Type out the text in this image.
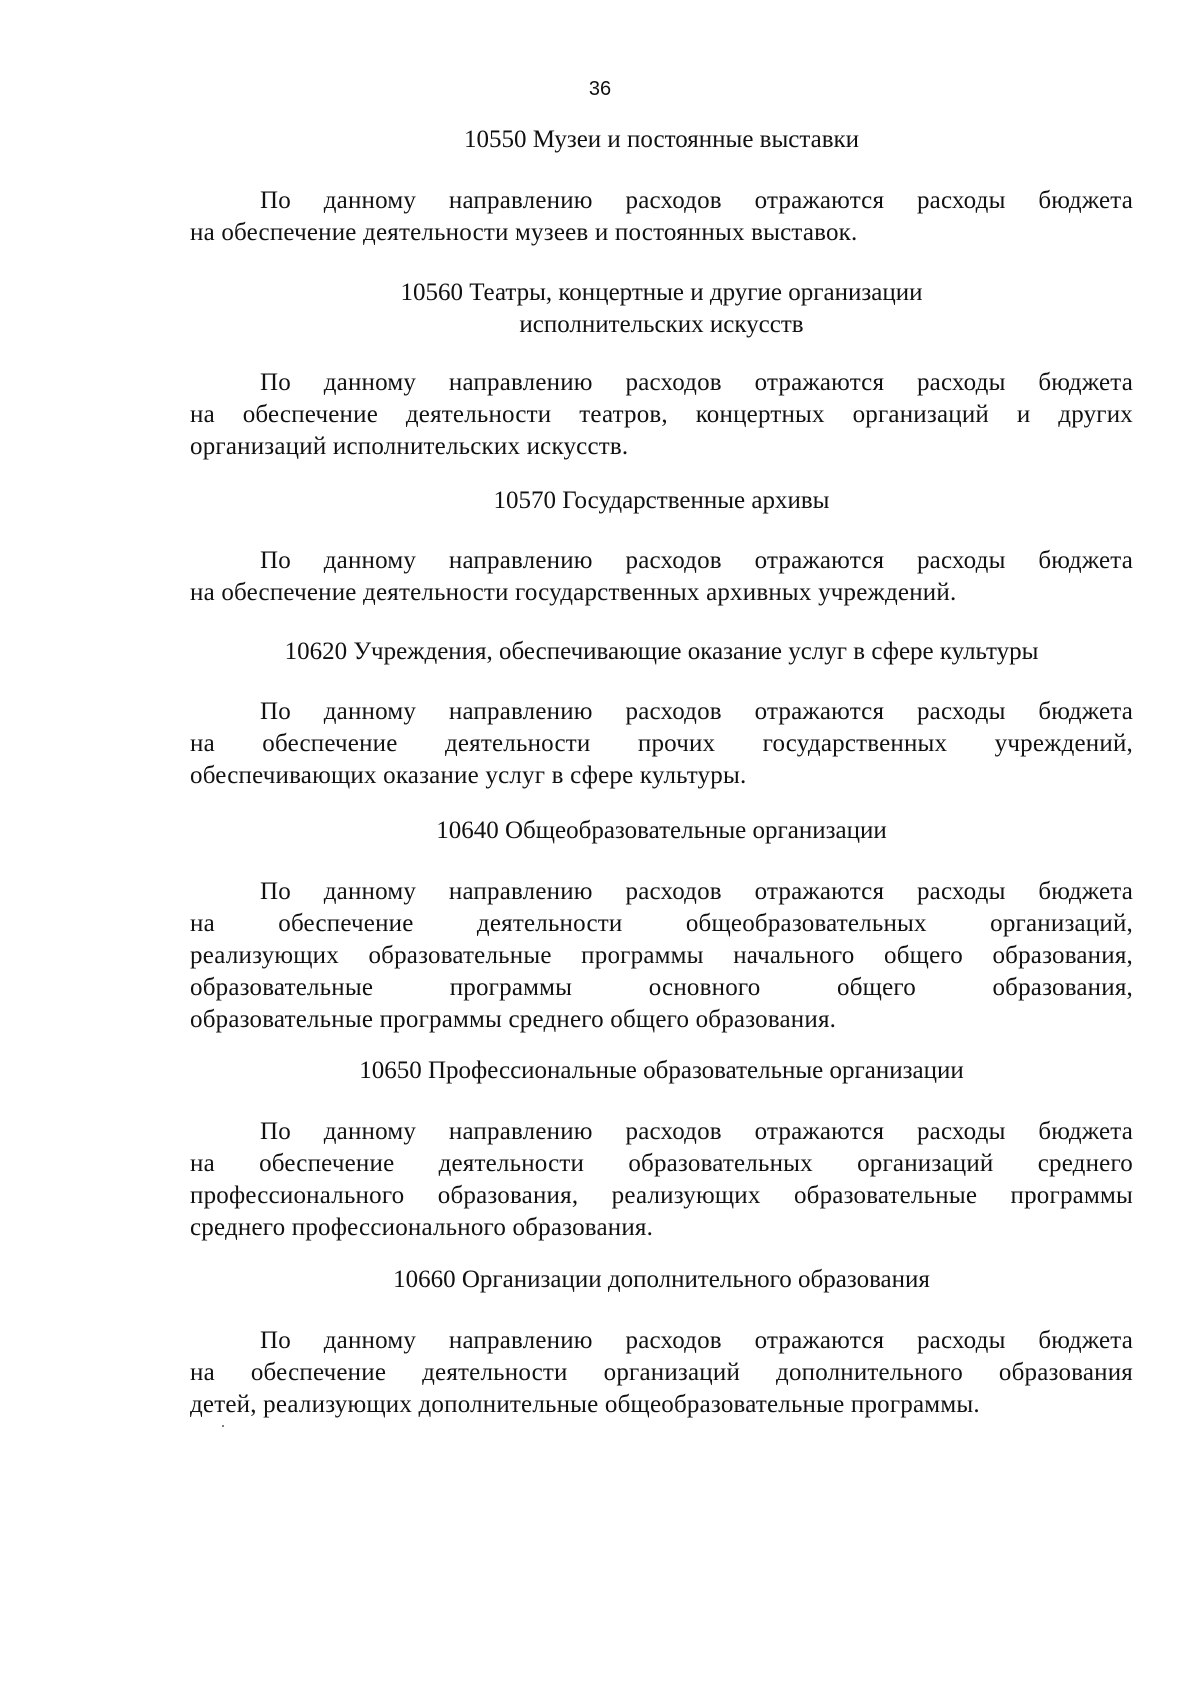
36
10550 Музеи и постоянные выставки
По данному направлению расходов отражаются расходы бюджета
на обеспечение деятельности музеев и постоянных выставок.
10560 Театры, концертные и другие организации
исполнительских искусств
По данному направлению расходов отражаются расходы бюджета
на обеспечение деятельности театров, концертных организаций и других
организаций исполнительских искусств.
10570 Государственные архивы
По данному направлению расходов отражаются расходы бюджета
на обеспечение деятельности государственных архивных учреждений.
10620 Учреждения, обеспечивающие оказание услуг в сфере культуры
По данному направлению расходов отражаются расходы бюджета
на обеспечение деятельности прочих государственных учреждений,
обеспечивающих оказание услуг в сфере культуры.
10640 Общеобразовательные организации
По данному направлению расходов отражаются расходы бюджета
на обеспечение деятельности общеобразовательных организаций,
реализующих образовательные программы начального общего образования,
образовательные программы основного общего образования,
образовательные программы среднего общего образования.
10650 Профессиональные образовательные организации
По данному направлению расходов отражаются расходы бюджета
на обеспечение деятельности образовательных организаций среднего
профессионального образования, реализующих образовательные программы
среднего профессионального образования.
10660 Организации дополнительного образования
По данному направлению расходов отражаются расходы бюджета
на обеспечение деятельности организаций дополнительного образования
детей, реализующих дополнительные общеобразовательные программы.
